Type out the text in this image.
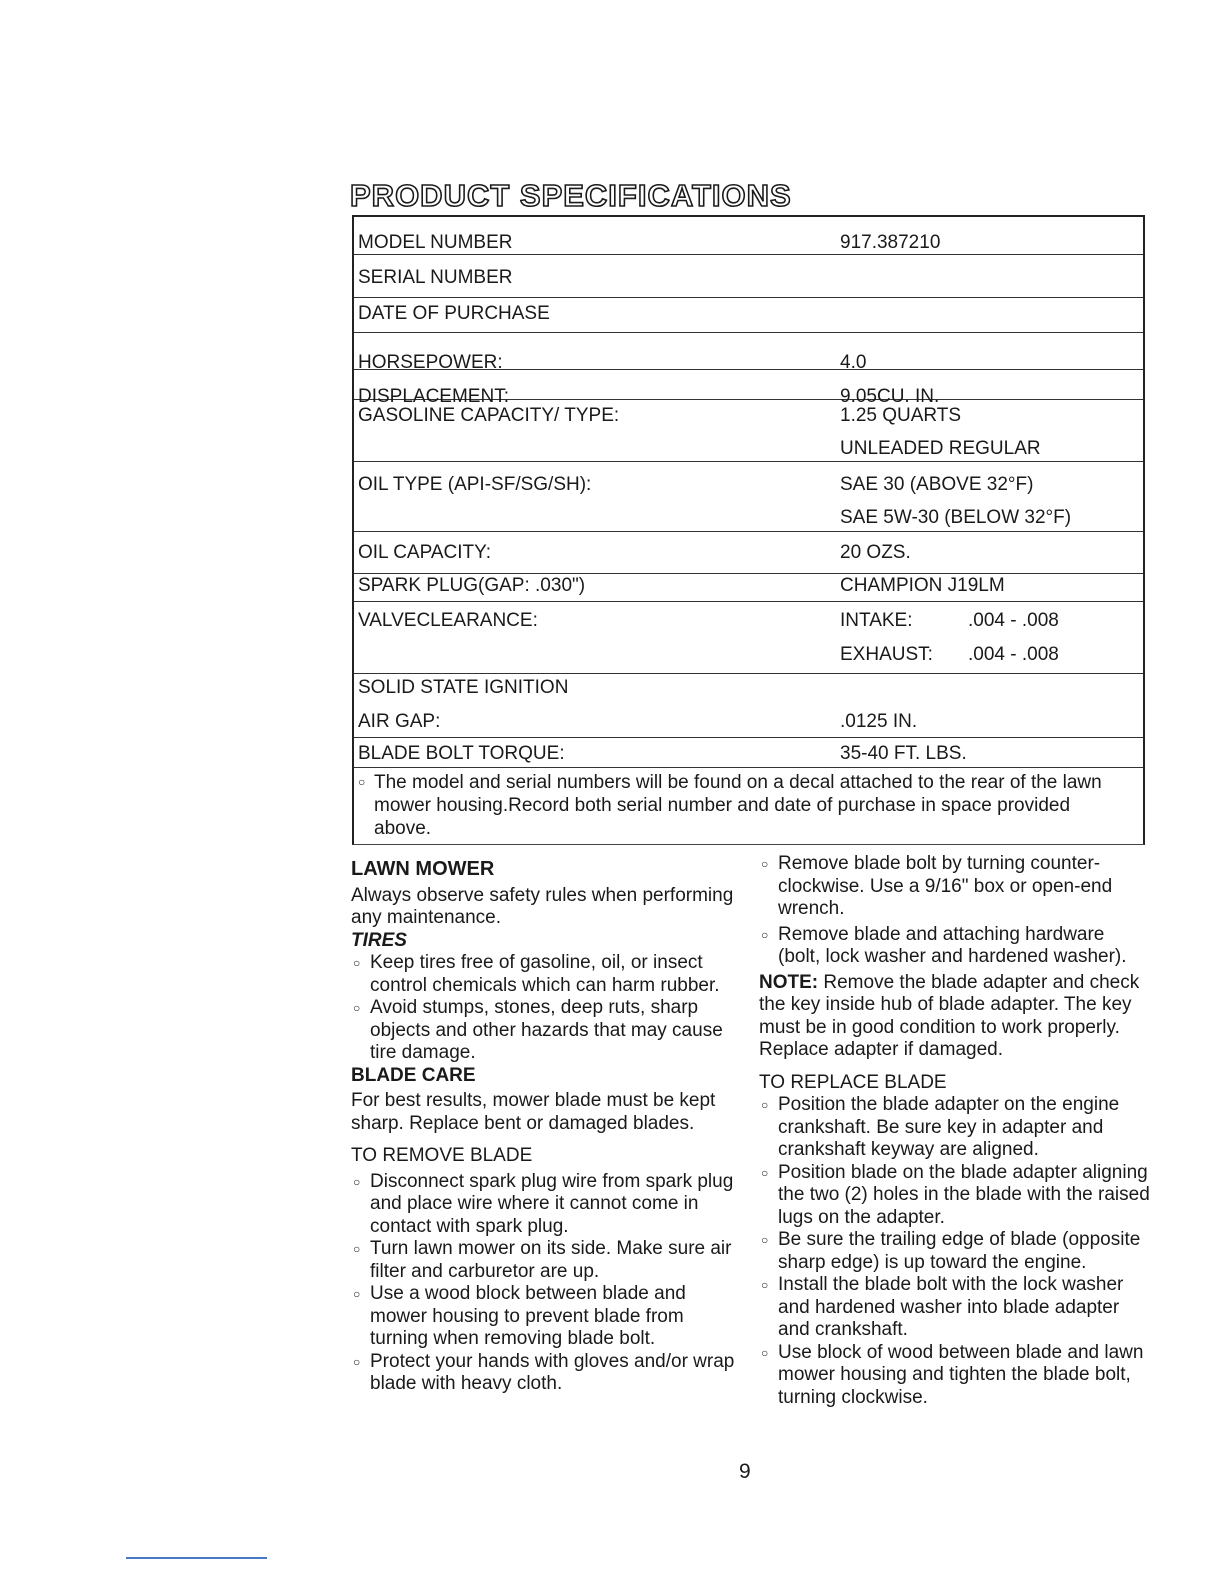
PRODUCT SPECIFICATIONS
MODEL NUMBER	917.387210
SERIAL NUMBER
DATE OF PURCHASE
HORSEPOWER:	4.0
DISPLACEMENT:	9.05CU. IN.
GASOLINE CAPACITY/ TYPE:	1.25 QUARTS
UNLEADED REGULAR
OIL TYPE (API-SF/SG/SH):	SAE 30 (ABOVE 32°F)
SAE 5W-30 (BELOW 32°F)
OIL CAPACITY:	20 OZS.
SPARK PLUG(GAP: .030")	CHAMPION J19LM
VALVECLEARANCE:	INTAKE:	.004 - .008
EXHAUST: .004 - .008
SOLID STATE IGNITION
AIR GAP:	.0125 IN.
BLADE BOLT TORQUE:	35-40 FT. LBS.
○ The model and serial numbers will be found on a decal attached to the rear of the lawn mower housing.Record both serial number and date of purchase in space provided above.

LAWN MOWER

Always observe safety rules when performing any maintenance.

TIRES

○ Keep tires free of gasoline, oil, or insect control chemicals which can harm rubber.

○ Avoid stumps, stones, deep ruts, sharp objects and other hazards that may cause tire damage.

BLADE CARE

For best results, mower blade must be kept sharp. Replace bent or damaged blades.

TO REMOVE BLADE

○ Disconnect spark plug wire from spark plug and place wire where it cannot come in contact with spark plug.

○ Turn lawn mower on its side. Make sure air filter and carburetor are up.

○ Use a wood block between blade and mower housing to prevent blade from turning when removing blade bolt.

○ Protect your hands with gloves and/or wrap blade with heavy cloth.

○ Remove blade bolt by turning counter-clockwise. Use a 9/16" box or open-end wrench.

○ Remove blade and attaching hardware (bolt, lock washer and hardened washer).

NOTE: Remove the blade adapter and check the key inside hub of blade adapter. The key must be in good condition to work properly. Replace adapter if damaged.

TO REPLACE BLADE

○ Position the blade adapter on the engine crankshaft. Be sure key in adapter and crankshaft keyway are aligned.

○ Position blade on the blade adapter aligning the two (2) holes in the blade with the raised lugs on the adapter.

○ Be sure the trailing edge of blade (opposite sharp edge) is up toward the engine.

○ Install the blade bolt with the lock washer and hardened washer into blade adapter and crankshaft.

○ Use block of wood between blade and lawn mower housing and tighten the blade bolt, turning clockwise.

9
